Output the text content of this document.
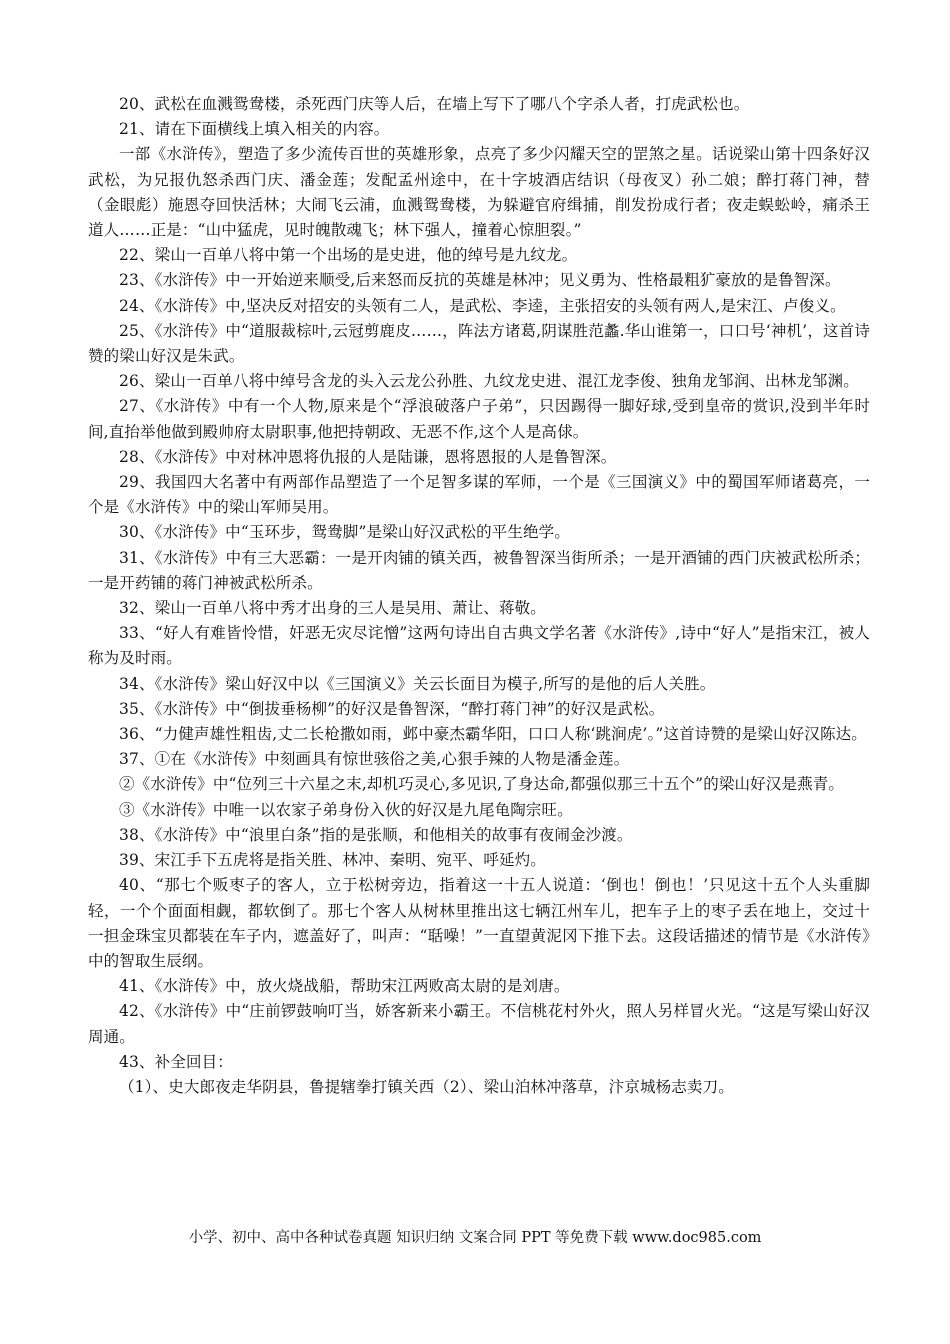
20、武松在血溅鸳鸯楼，杀死西门庆等人后，在墙上写下了哪八个字杀人者，打虎武松也。

21、请在下面横线上填入相关的内容。

一部《水浒传》，塑造了多少流传百世的英雄形象，点亮了多少闪耀天空的罡煞之星。话说梁山第十四条好汉武松，为兄报仇怒杀西门庆、潘金莲；发配孟州途中，在十字坡酒店结识（母夜叉）孙二娘；醉打蒋门神，替（金眼彪）施恩夺回快活林；大闹飞云浦，血溅鸳鸯楼，为躲避官府缉捕，削发扮成行者；夜走蜈蚣岭，痛杀王道人……正是：“山中猛虎，见时魄散魂飞；林下强人，撞着心惊胆裂。”

22、梁山一百单八将中第一个出场的是史进，他的绰号是九纹龙。

23、《水浒传》中一开始逆来顺受,后来怒而反抗的英雄是林冲；见义勇为、性格最粗犷豪放的是鲁智深。

24、《水浒传》中,坚决反对招安的头领有二人，是武松、李逵，主张招安的头领有两人,是宋江、卢俊义。

25、《水浒传》中“道服裁棕叶,云冠剪鹿皮……，阵法方诸葛,阴谋胜范蠡.华山谁第一，口口号‘神机’，这首诗赞的梁山好汉是朱武。

26、梁山一百单八将中绰号含龙的头入云龙公孙胜、九纹龙史进、混江龙李俊、独角龙邹润、出林龙邹渊。

27、《水浒传》中有一个人物,原来是个“浮浪破落户子弟”，只因踢得一脚好球,受到皇帝的赏识,没到半年时间,直抬举他做到殿帅府太尉职事,他把持朝政、无恶不作,这个人是高俅。

28、《水浒传》中对林冲恩将仇报的人是陆谦，恩将恩报的人是鲁智深。

29、我国四大名著中有两部作品塑造了一个足智多谋的军师，一个是《三国演义》中的蜀国军师诸葛亮，一个是《水浒传》中的梁山军师吴用。

30、《水浒传》中“玉环步，鸳鸯脚”是梁山好汉武松的平生绝学。

31、《水浒传》中有三大恶霸：一是开肉铺的镇关西，被鲁智深当街所杀；一是开酒铺的西门庆被武松所杀；一是开药铺的蒋门神被武松所杀。

32、梁山一百单八将中秀才出身的三人是吴用、萧让、蒋敬。

33、“好人有难皆怜惜，奸恶无灾尽诧憎”这两句诗出自古典文学名著《水浒传》,诗中“好人”是指宋江，被人称为及时雨。

34、《水浒传》梁山好汉中以《三国演义》关云长面目为模子,所写的是他的后人关胜。

35、《水浒传》中“倒拔垂杨柳”的好汉是鲁智深，“醉打蒋门神”的好汉是武松。

36、“力健声雄性粗齿,丈二长枪撒如雨，邺中豪杰霸华阳，口口人称‘跳涧虎’。”这首诗赞的是梁山好汉陈达。

37、①在《水浒传》中刻画具有惊世骇俗之美,心狠手辣的人物是潘金莲。

②《水浒传》中“位列三十六星之末,却机巧灵心,多见识,了身达命,都强似那三十五个”的梁山好汉是燕青。

③《水浒传》中唯一以农家子弟身份入伙的好汉是九尾龟陶宗旺。

38、《水浒传》中“浪里白条”指的是张顺，和他相关的故事有夜闹金沙渡。

39、宋江手下五虎将是指关胜、林冲、秦明、宛平、呼延灼。

40、“那七个贩枣子的客人，立于松树旁边，指着这一十五人说道：‘倒也！倒也！’只见这十五个人头重脚轻，一个个面面相觑，都软倒了。那七个客人从树林里推出这七辆江州车儿，把车子上的枣子丢在地上，交过十一担金珠宝贝都装在车子内，遮盖好了，叫声：“聒噪！”一直望黄泥冈下推下去。这段话描述的情节是《水浒传》中的智取生辰纲。

41、《水浒传》中，放火烧战船，帮助宋江两败高太尉的是刘唐。

42、《水浒传》中“庄前锣鼓响叮当，娇客新来小霸王。不信桃花村外火，照人另样冒火光。“这是写梁山好汉周通。

43、补全回目：

（1）、史大郎夜走华阴县，鲁提辖拳打镇关西（2）、梁山泊林冲落草，汴京城杨志卖刀。

小学、初中、高中各种试卷真题 知识归纳 文案合同 PPT 等免费下载 www.doc985.com
